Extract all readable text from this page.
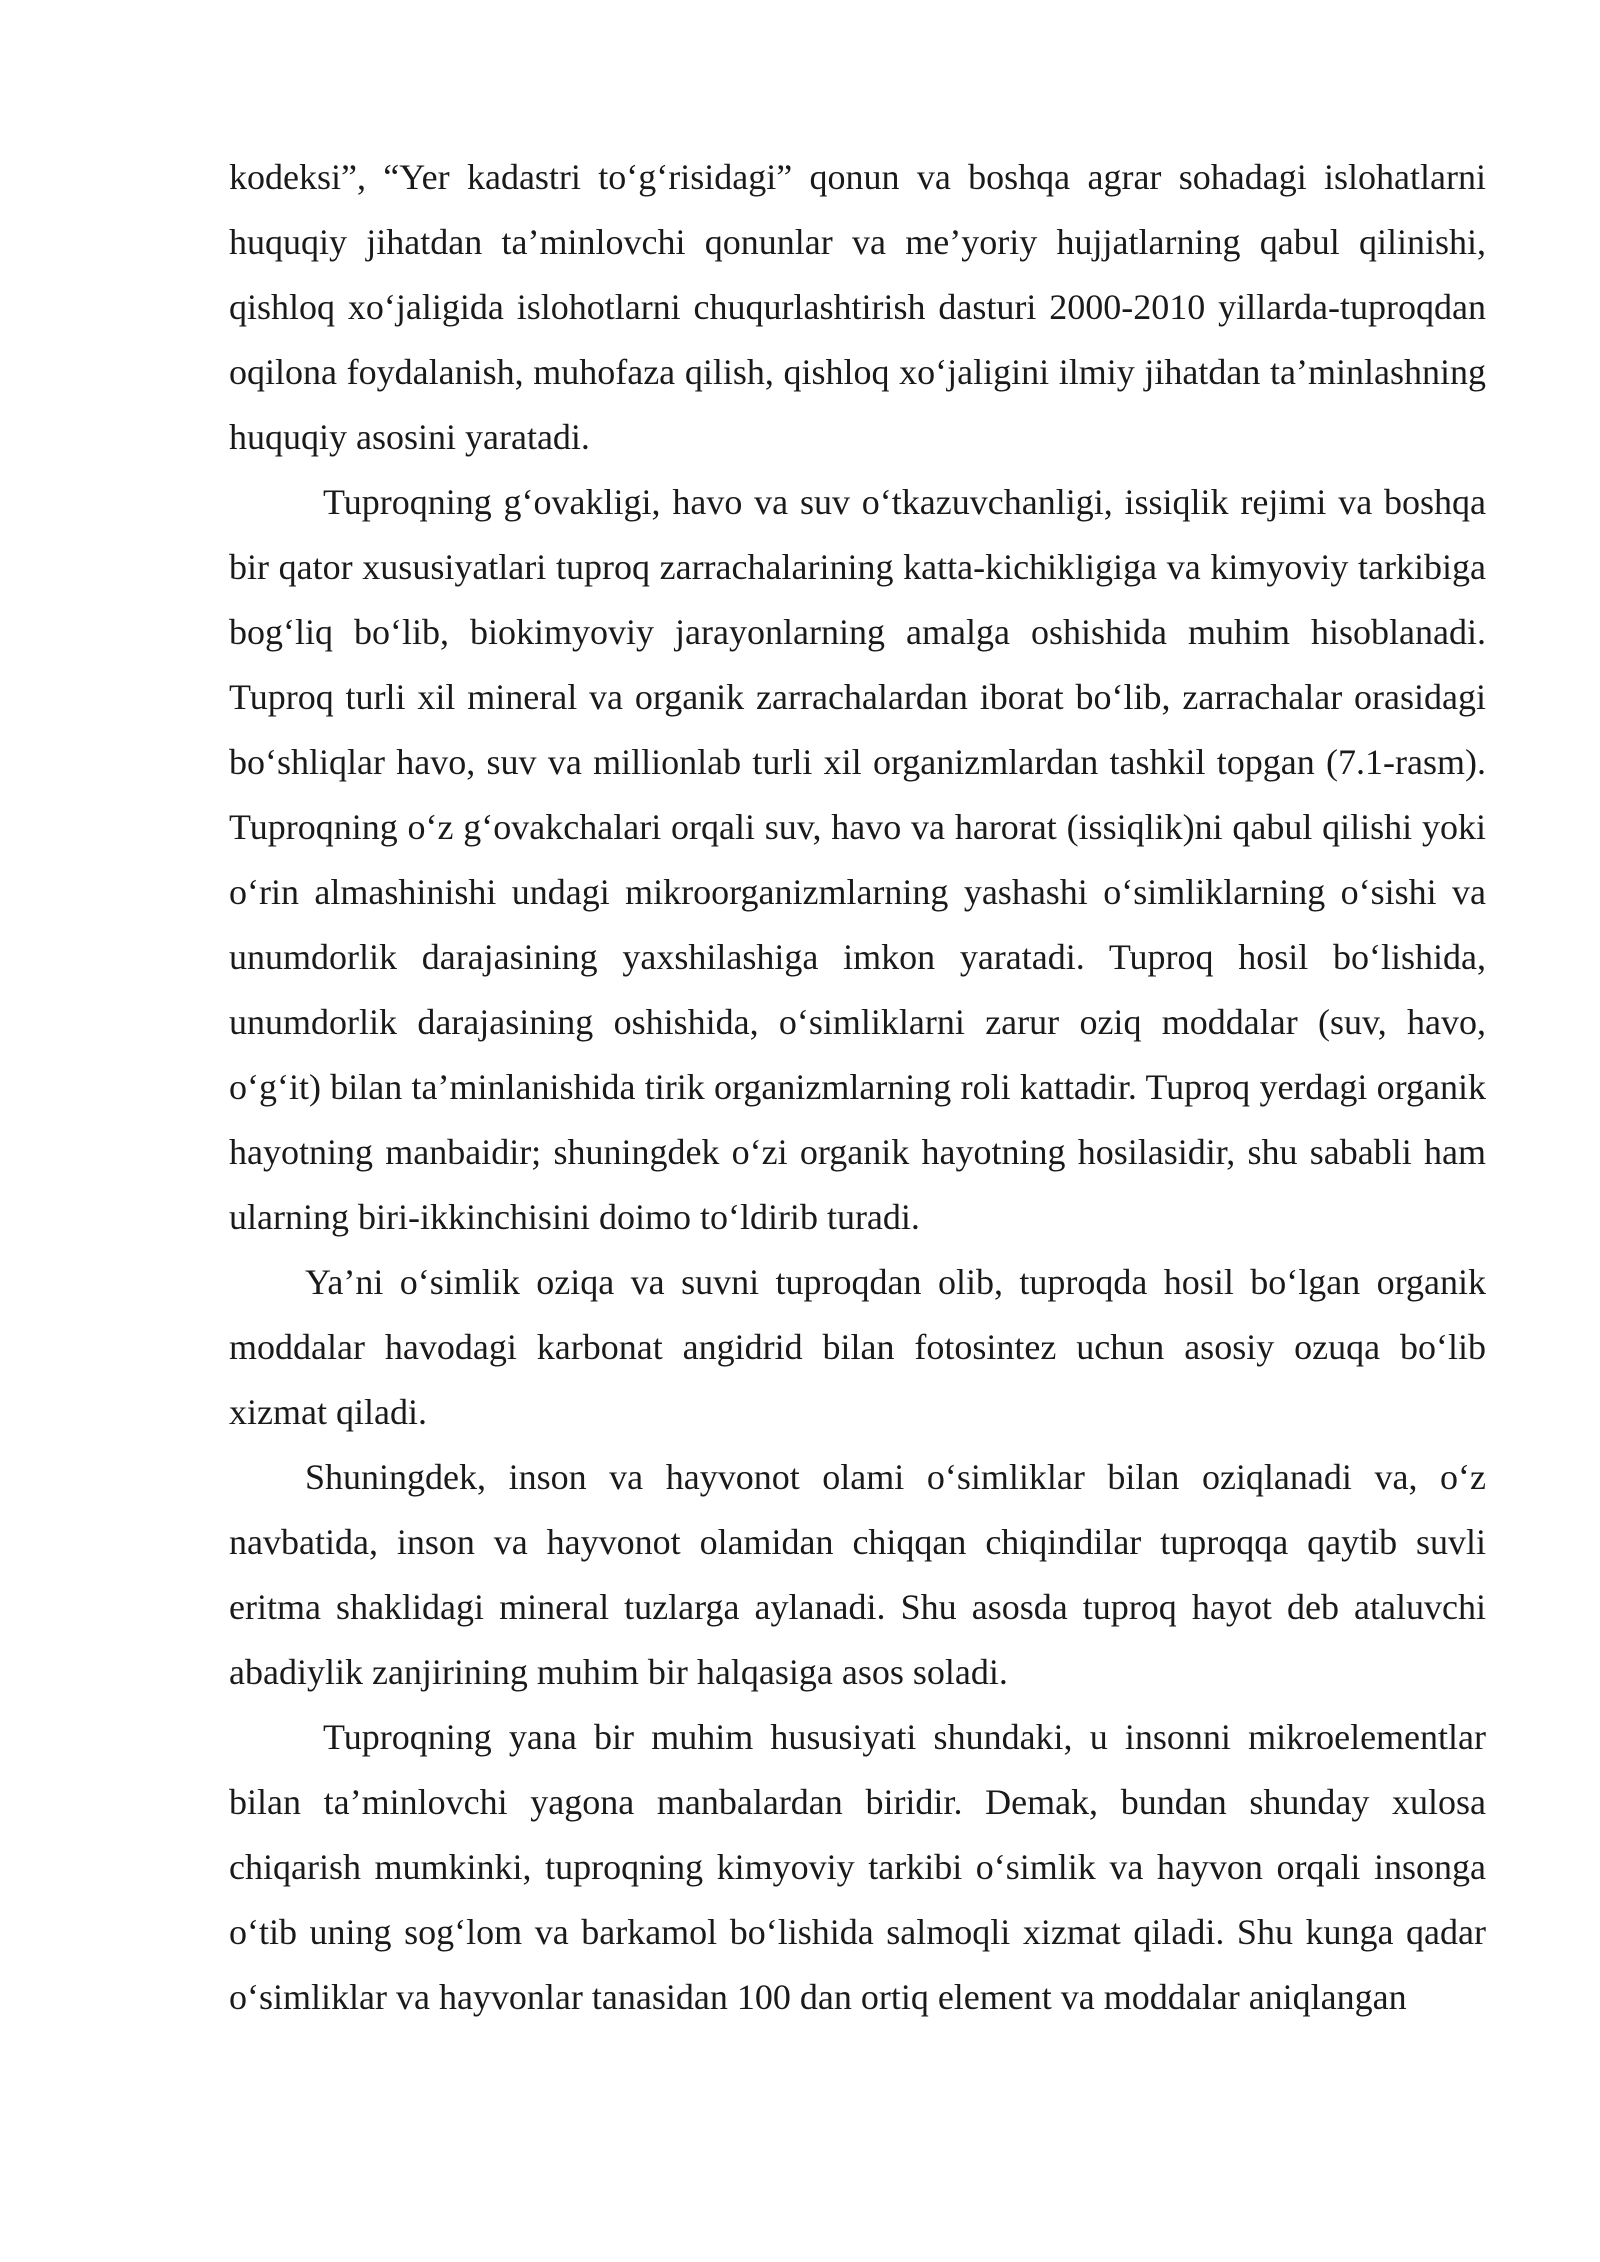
kodeksi”, “Yer kadastri to‘g‘risidagi” qonun va boshqa agrar sohadagi islohatlarni huquqiy jihatdan ta’minlovchi qonunlar va me’yoriy hujjatlarning qabul qilinishi, qishloq xo‘jaligida islohotlarni chuqurlashtirish dasturi 2000-2010 yillarda-tuproqdan oqilona foydalanish, muhofaza qilish, qishloq xo‘jaligini ilmiy jihatdan ta’minlashning huquqiy asosini yaratadi.

Tuproqning g‘ovakligi, havo va suv o‘tkazuvchanligi, issiqlik rejimi va boshqa bir qator xususiyatlari tuproq zarrachalarining katta-kichikligiga va kimyoviy tarkibiga bog‘liq bo‘lib, biokimyoviy jarayonlarning amalga oshishida muhim hisoblanadi. Tuproq turli xil mineral va organik zarrachalardan iborat bo‘lib, zarrachalar orasidagi bo‘shliqlar havo, suv va millionlab turli xil organizmlardan tashkil topgan (7.1-rasm). Tuproqning o‘z g‘ovakchalari orqali suv, havo va harorat (issiqlik)ni qabul qilishi yoki o‘rin almashinishi undagi mikroorganizmlarning yashashi o‘simliklarning o‘sishi va unumdorlik darajasining yaxshilashiga imkon yaratadi. Tuproq hosil bo‘lishida, unumdorlik darajasining oshishida, o‘simliklarni zarur oziq moddalar (suv, havo, o‘g‘it) bilan ta’minlanishida tirik organizmlarning roli kattadir. Tuproq yerdagi organik hayotning manbaidir; shuningdek o‘zi organik hayotning hosilasidir, shu sababli ham ularning biri-ikkinchisini doimo to‘ldirib turadi.

Ya’ni o‘simlik oziqa va suvni tuproqdan olib, tuproqda hosil bo‘lgan organik moddalar havodagi karbonat angidrid bilan fotosintez uchun asosiy ozuqa bo‘lib xizmat qiladi.

Shuningdek, inson va hayvonot olami o‘simliklar bilan oziqlanadi va, o‘z navbatida, inson va hayvonot olamidan chiqqan chiqindilar tuproqqa qaytib suvli eritma shaklidagi mineral tuzlarga aylanadi. Shu asosda tuproq hayot deb ataluvchi abadiylik zanjirining muhim bir halqasiga asos soladi.

Tuproqning yana bir muhim hususiyati shundaki, u insonni mikroelementlar bilan ta’minlovchi yagona manbalardan biridir. Demak, bundan shunday xulosa chiqarish mumkinki, tuproqning kimyoviy tarkibi o‘simlik va hayvon orqali insonga o‘tib uning sog‘lom va barkamol bo‘lishida salmoqli xizmat qiladi. Shu kunga qadar o‘simliklar va hayvonlar tanasidan 100 dan ortiq element va moddalar aniqlangan
